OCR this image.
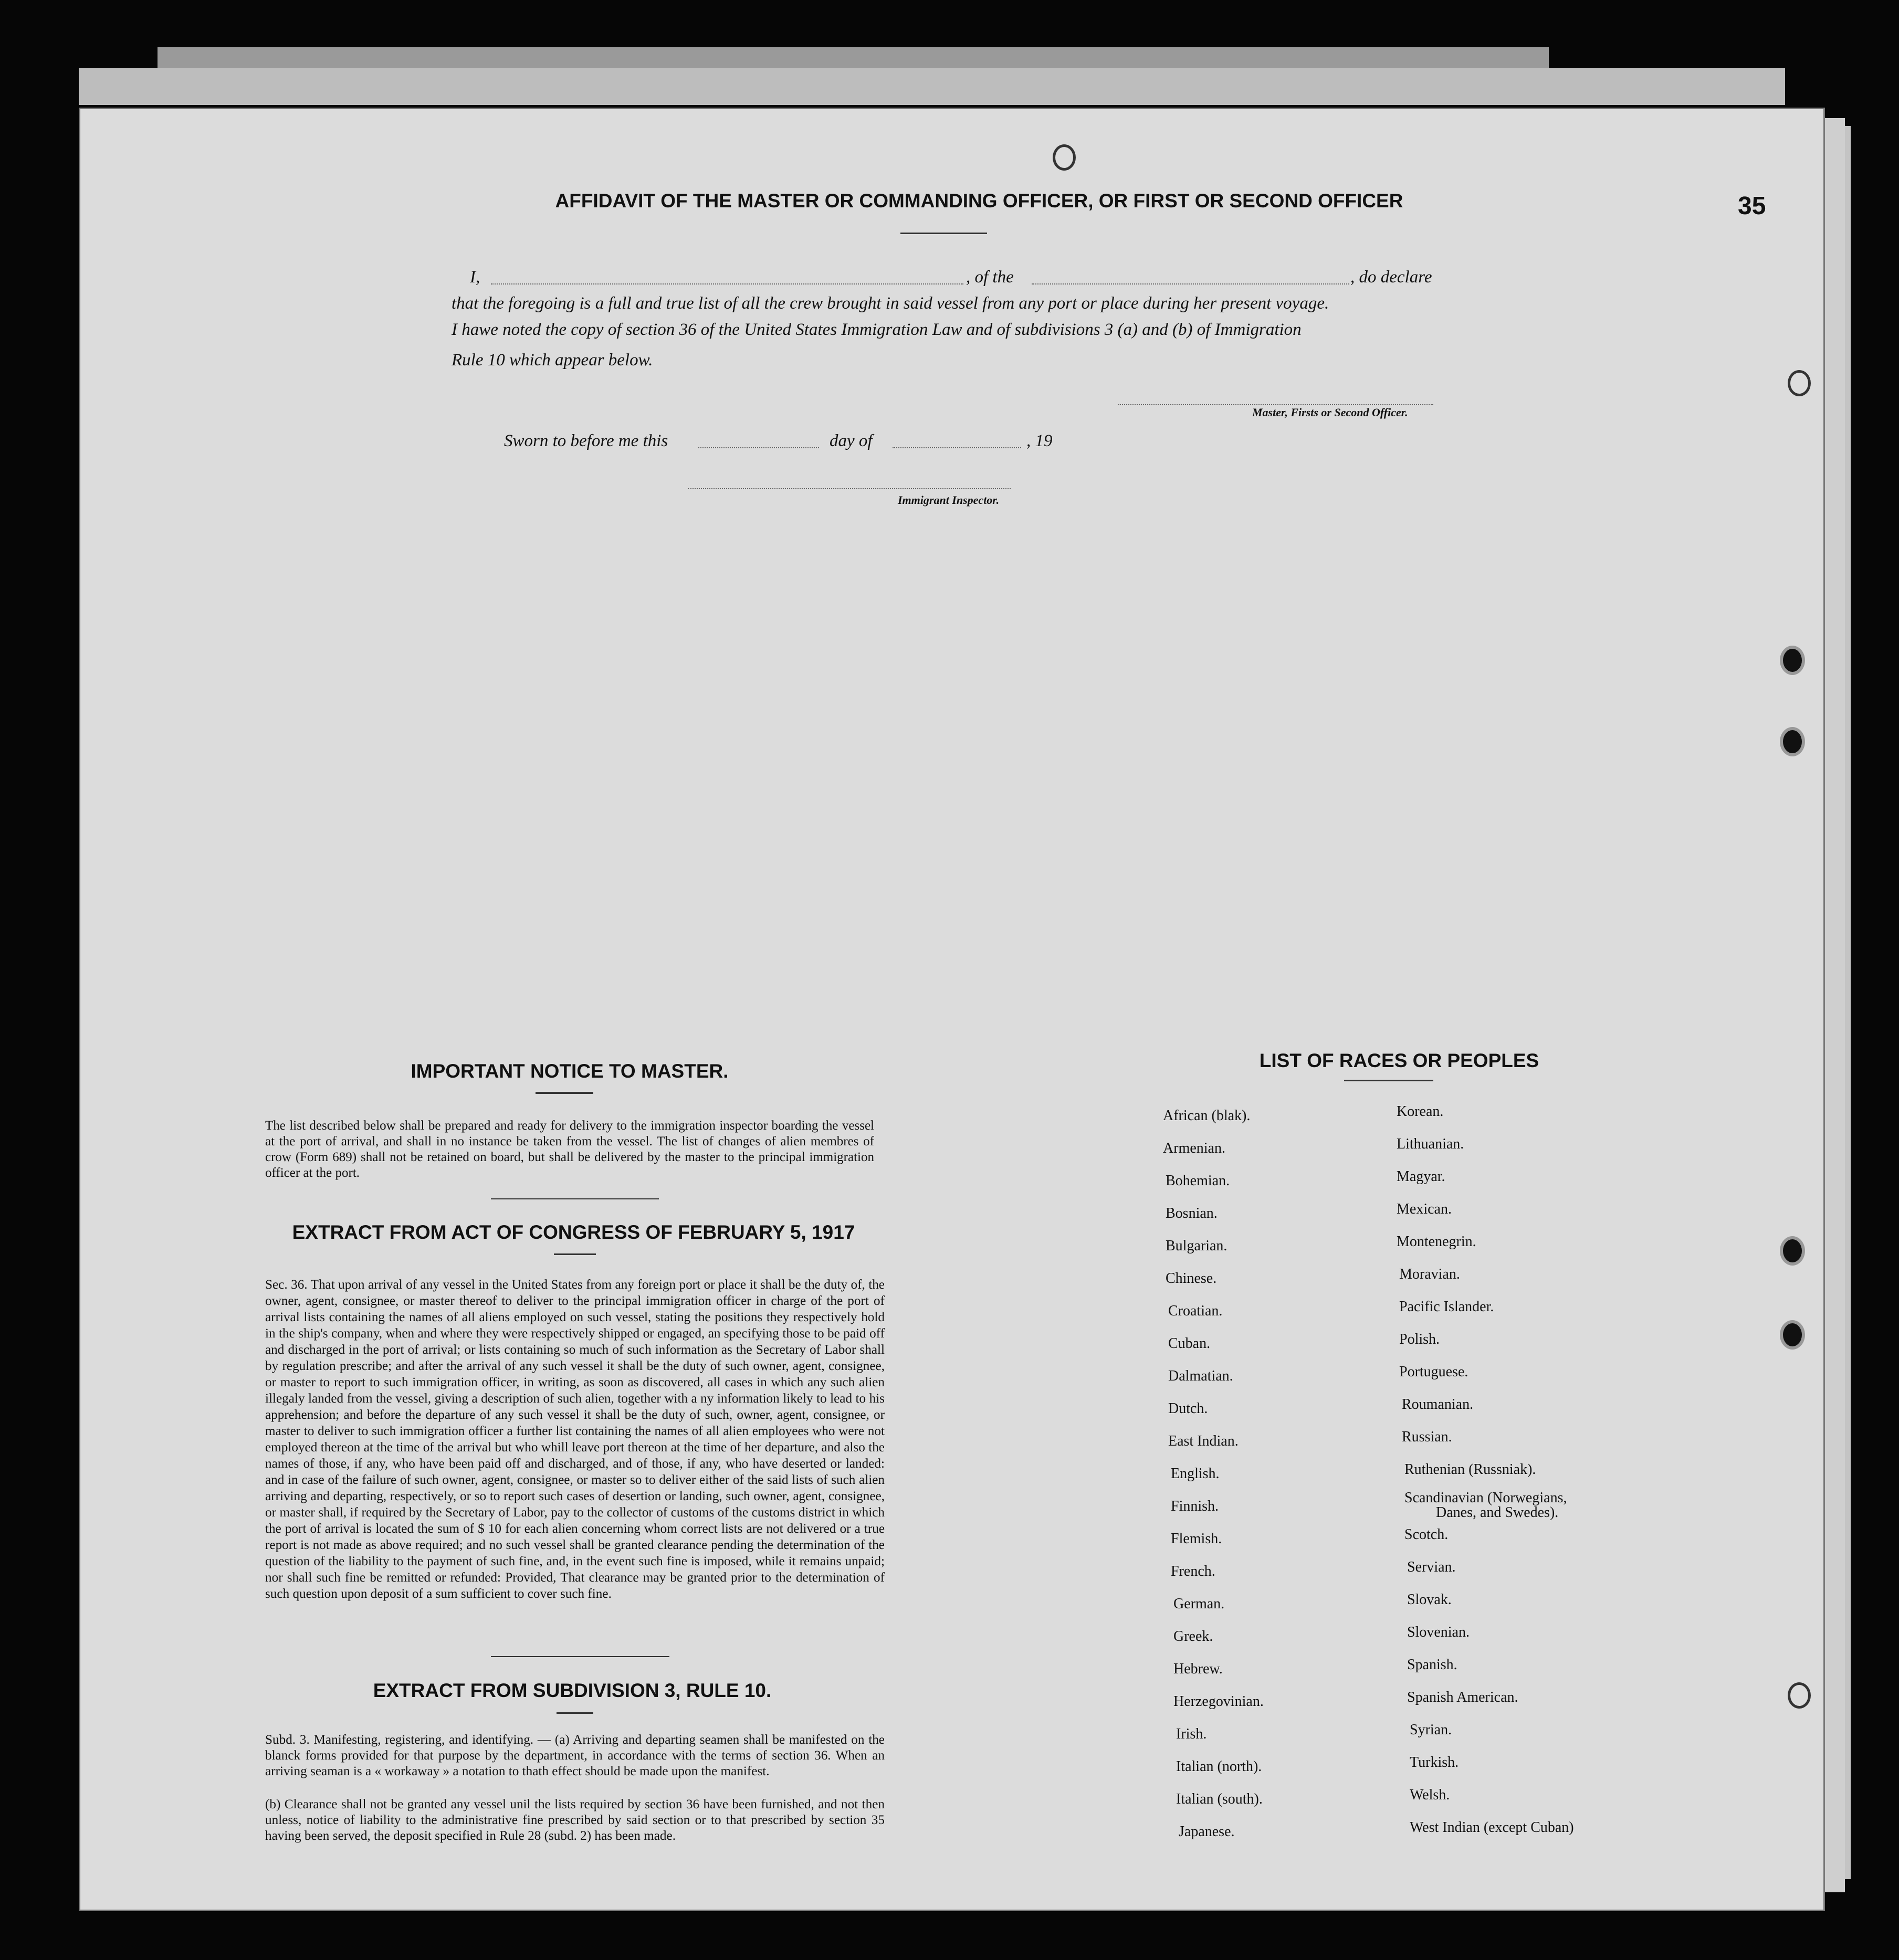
35
AFFIDAVIT OF THE MASTER OR COMMANDING OFFICER, OR FIRST OR SECOND OFFICER
I,	, of the	, do declare
that the foregoing is a full and true list of all the crew brought in said vessel from any port or place during her present voyage.
I hawe noted the copy of section 36 of the United States Immigration Law and of subdivisions 3 (a) and (b) of Immigration
Rule 10 which appear below.
Master, Firsts or Second Officer.
Sworn to before me this	day of	, 19
Immigrant Inspector.
IMPORTANT NOTICE TO MASTER.
The list described below shall be prepared and ready for delivery to the immigration inspector boarding the vessel at the port of arrival, and shall in no instance be taken from the vessel. The list of changes of alien membres of crow (Form 689) shall not be retained on board, but shall be delivered by the master to the principal immigration officer at the port.
EXTRACT FROM ACT OF CONGRESS OF FEBRUARY 5, 1917
Sec. 36. That upon arrival of any vessel in the United States from any foreign port or place it shall be the duty of, the owner, agent, consignee, or master thereof to deliver to the principal immigration officer in charge of the port of arrival lists containing the names of all aliens employed on such vessel, stating the positions they respectively hold in the ship's company, when and where they were respectively shipped or engaged, an specifying those to be paid off and discharged in the port of arrival; or lists containing so much of such information as the Secretary of Labor shall by regulation prescribe; and after the arrival of any such vessel it shall be the duty of such owner, agent, consignee, or master to report to such immigration officer, in writing, as soon as discovered, all cases in which any such alien illegaly landed from the vessel, giving a description of such alien, together with a ny information likely to lead to his apprehension; and before the departure of any such vessel it shall be the duty of such, owner, agent, consignee, or master to deliver to such immigration officer a further list containing the names of all alien employees who were not employed thereon at the time of the arrival but who whill leave port thereon at the time of her departure, and also the names of those, if any, who have been paid off and discharged, and of those, if any, who have deserted or landed: and in case of the failure of such owner, agent, consignee, or master so to deliver either of the said lists of such alien arriving and departing, respectively, or so to report such cases of desertion or landing, such owner, agent, consignee, or master shall, if required by the Secretary of Labor, pay to the collector of customs of the customs district in which the port of arrival is located the sum of $ 10 for each alien concerning whom correct lists are not delivered or a true report is not made as above required; and no such vessel shall be granted clearance pending the determination of the question of the liability to the payment of such fine, and, in the event such fine is imposed, while it remains unpaid; nor shall such fine be remitted or refunded: Provided, That clearance may be granted prior to the determination of such question upon deposit of a sum sufficient to cover such fine.
EXTRACT FROM SUBDIVISION 3, RULE 10.
Subd. 3. Manifesting, registering, and identifying. — (a) Arriving and departing seamen shall be manifested on the blanck forms provided for that purpose by the department, in accordance with the terms of section 36. When an arriving seaman is a « workaway » a notation to thath effect should be made upon the manifest.
(b) Clearance shall not be granted any vessel unil the lists required by section 36 have been furnished, and not then unless, notice of liability to the administrative fine prescribed by said section or to that prescribed by section 35 having been served, the deposit specified in Rule 28 (subd. 2) has been made.
LIST OF RACES OR PEOPLES
African (blak).
Armenian.
Bohemian.
Bosnian.
Bulgarian.
Chinese.
Croatian.
Cuban.
Dalmatian.
Dutch.
East Indian.
English.
Finnish.
Flemish.
French.
German.
Greek.
Hebrew.
Herzegovinian.
Irish.
Italian (north).
Italian (south).
Japanese.
Korean.
Lithuanian.
Magyar.
Mexican.
Montenegrin.
Moravian.
Pacific Islander.
Polish.
Portuguese.
Roumanian.
Russian.
Ruthenian (Russniak).
Scandinavian (Norwegians,
Danes, and Swedes).
Scotch.
Servian.
Slovak.
Slovenian.
Spanish.
Spanish American.
Syrian.
Turkish.
Welsh.
West Indian (except Cuban)
